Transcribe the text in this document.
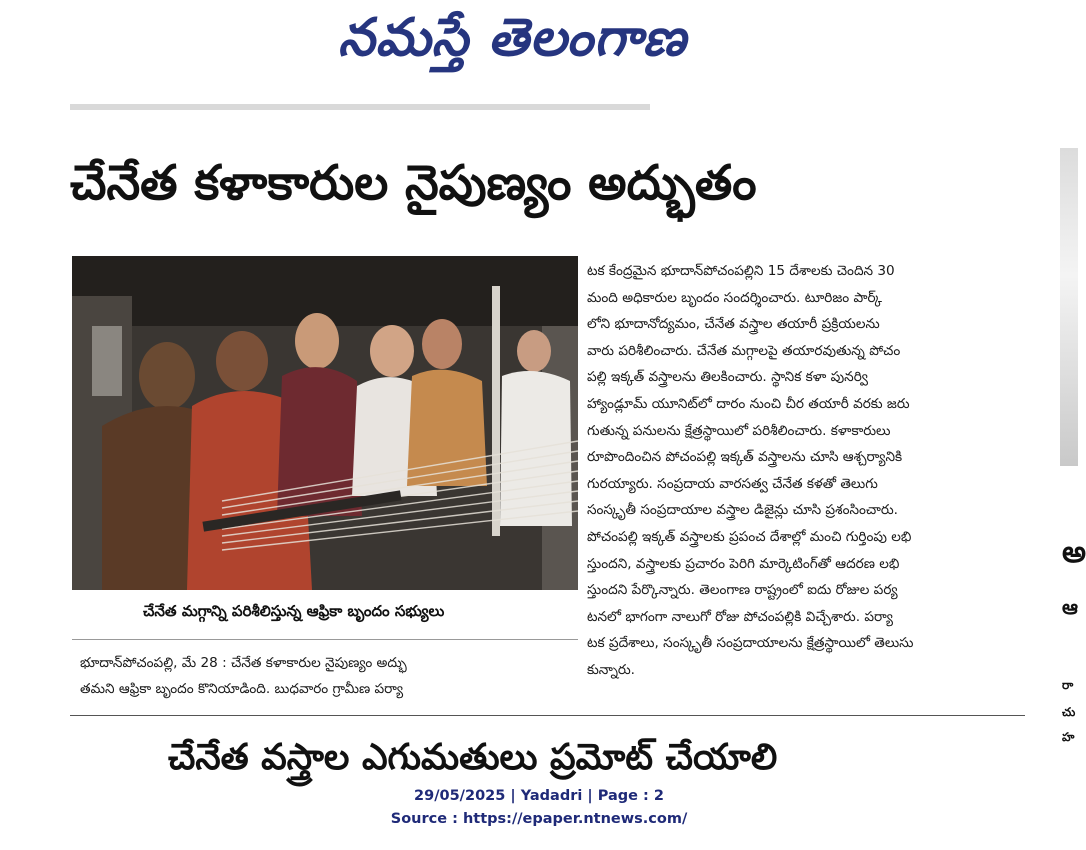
నమస్తే తెలంగాణ
చేనేత కళాకారుల నైపుణ్యం అద్భుతం
చేనేత మగ్గాన్ని పరిశీలిస్తున్న ఆఫ్రికా బృందం సభ్యులు
భూదాన్‌పోచంపల్లి, మే 28 : చేనేత కళాకారుల నైపుణ్యం అద్భు
తమని ఆఫ్రికా బృందం కొనియాడింది. బుధవారం గ్రామీణ పర్యా
టక కేంద్రమైన భూదాన్‌పోచంపల్లిని 15 దేశాలకు చెందిన 30
మంది అధికారుల బృందం సందర్శించారు. టూరిజం పార్క్
లోని భూదానోద్యమం, చేనేత వస్త్రాల తయారీ ప్రక్రియలను
వారు పరిశీలించారు. చేనేత మగ్గాలపై తయారవుతున్న పోచం
పల్లి ఇక్కత్ వస్త్రాలను తిలకించారు. స్థానిక కళా పునర్వి
హ్యాండ్లూమ్ యూనిట్‌లో దారం నుంచి చీర తయారీ వరకు జరు
గుతున్న పనులను క్షేత్రస్థాయిలో పరిశీలించారు. కళాకారులు
రూపొందించిన పోచంపల్లి ఇక్కత్ వస్త్రాలను చూసి ఆశ్చర్యానికి
గురయ్యారు. సంప్రదాయ వారసత్వ చేనేత కళతో తెలుగు
సంస్కృతీ సంప్రదాయాల వస్త్రాల డిజైన్లు చూసి ప్రశంసించారు.
పోచంపల్లి ఇక్కత్ వస్త్రాలకు ప్రపంచ దేశాల్లో మంచి గుర్తింపు లభి
స్తుందని, వస్త్రాలకు ప్రచారం పెరిగి మార్కెటింగ్‌తో ఆదరణ లభి
స్తుందని పేర్కొన్నారు. తెలంగాణ రాష్ట్రంలో ఐదు రోజుల పర్య
టనలో భాగంగా నాలుగో రోజు పోచంపల్లికి విచ్చేశారు. పర్యా
టక ప్రదేశాలు, సంస్కృతీ సంప్రదాయాలను క్షేత్రస్థాయిలో తెలుసు
కున్నారు.
చేనేత వస్త్రాల ఎగుమతులు ప్రమోట్ చేయాలి
అ
ఆ
రా
చు
హ
29/05/2025 | Yadadri | Page : 2
Source : https://epaper.ntnews.com/
